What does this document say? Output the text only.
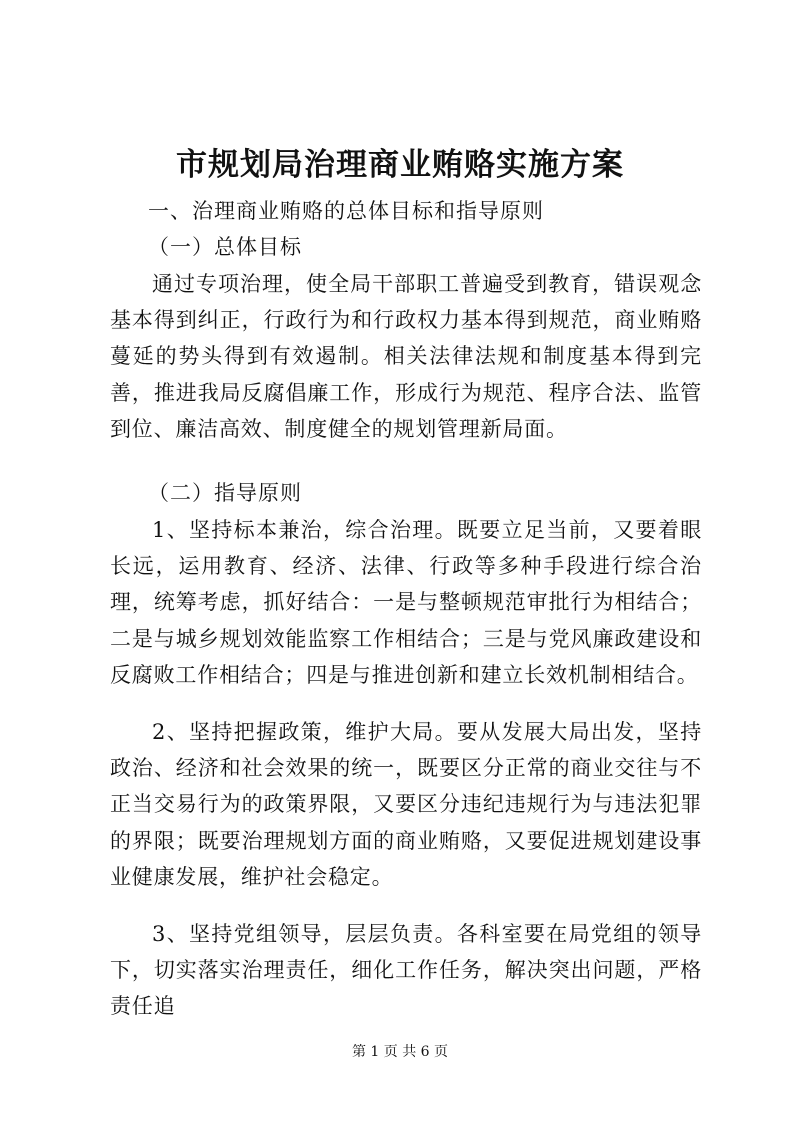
市规划局治理商业贿赂实施方案
一、治理商业贿赂的总体目标和指导原则
（一）总体目标

通过专项治理，使全局干部职工普遍受到教育，错误观念基本得到纠正，行政行为和行政权力基本得到规范，商业贿赂蔓延的势头得到有效遏制。相关法律法规和制度基本得到完善，推进我局反腐倡廉工作，形成行为规范、程序合法、监管到位、廉洁高效、制度健全的规划管理新局面。

（二）指导原则

1、坚持标本兼治，综合治理。既要立足当前，又要着眼长远，运用教育、经济、法律、行政等多种手段进行综合治理，统筹考虑，抓好结合：一是与整顿规范审批行为相结合；二是与城乡规划效能监察工作相结合；三是与党风廉政建设和反腐败工作相结合；四是与推进创新和建立长效机制相结合。

2、坚持把握政策，维护大局。要从发展大局出发，坚持政治、经济和社会效果的统一，既要区分正常的商业交往与不正当交易行为的政策界限，又要区分违纪违规行为与违法犯罪的界限；既要治理规划方面的商业贿赂，又要促进规划建设事业健康发展，维护社会稳定。

3、坚持党组领导，层层负责。各科室要在局党组的领导下，切实落实治理责任，细化工作任务，解决突出问题，严格责任追

第 1 页 共 6 页
